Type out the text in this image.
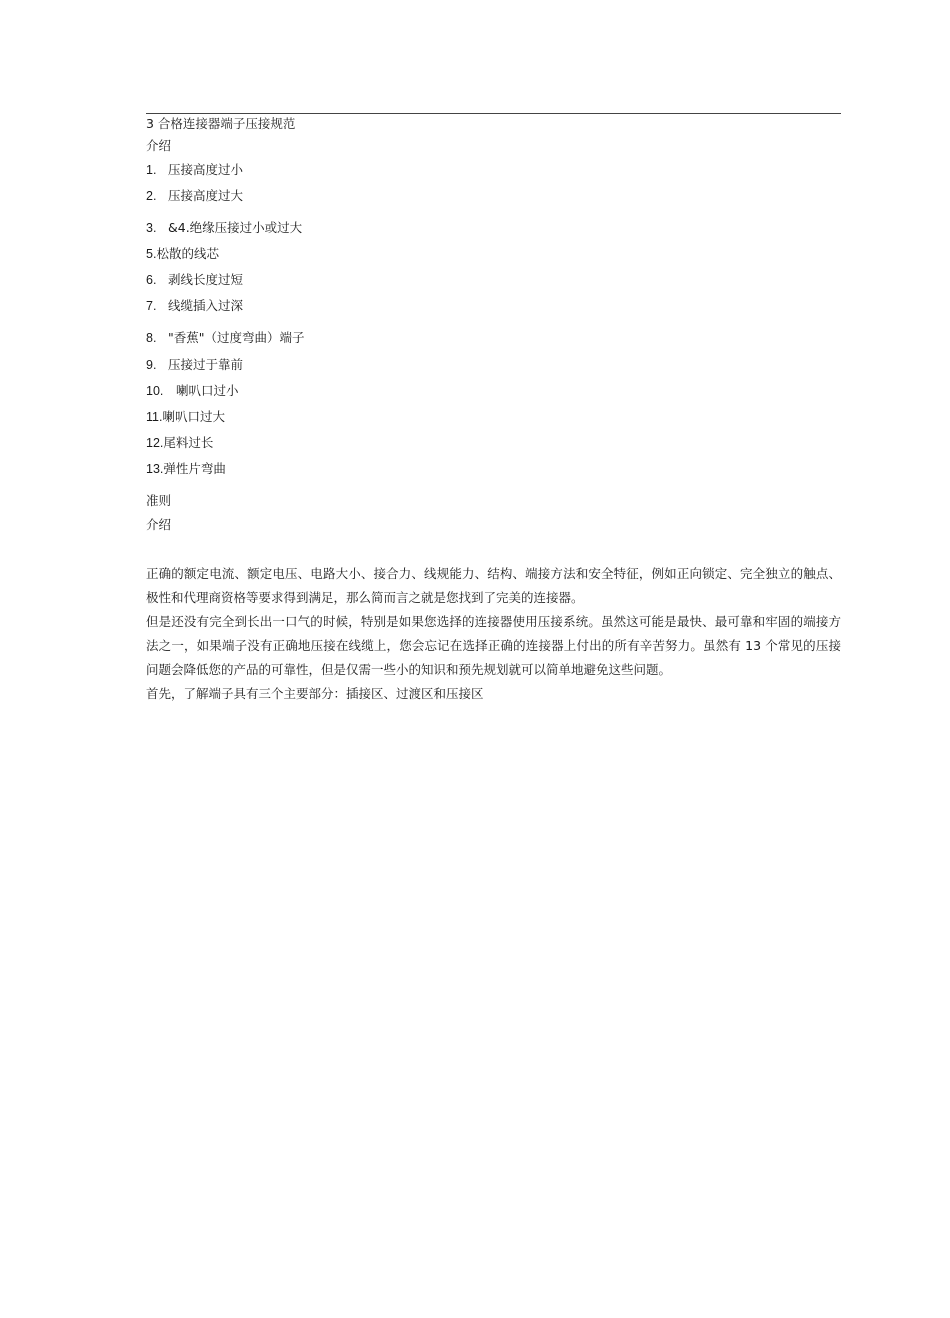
3 合格连接器端子压接规范
介绍
1. 压接高度过小
2. 压接高度过大
3. &4.绝缘压接过小或过大
5.松散的线芯
6. 剥线长度过短
7. 线缆插入过深
8. "香蕉"（过度弯曲）端子
9. 压接过于靠前
10. 喇叭口过小
11.喇叭口过大
12.尾料过长
13.弹性片弯曲
准则
介绍

正确的额定电流、额定电压、电路大小、接合力、线规能力、结构、端接方法和安全特征，例如正向锁定、完全独立的触点、极性和代理商资格等要求得到满足，那么简而言之就是您找到了完美的连接器。

但是还没有完全到长出一口气的时候，特别是如果您选择的连接器使用压接系统。虽然这可能是最快、最可靠和牢固的端接方法之一，如果端子没有正确地压接在线缆上，您会忘记在选择正确的连接器上付出的所有辛苦努力。虽然有 13 个常见的压接问题会降低您的产品的可靠性，但是仅需一些小的知识和预先规划就可以简单地避免这些问题。

首先，了解端子具有三个主要部分：插接区、过渡区和压接区
